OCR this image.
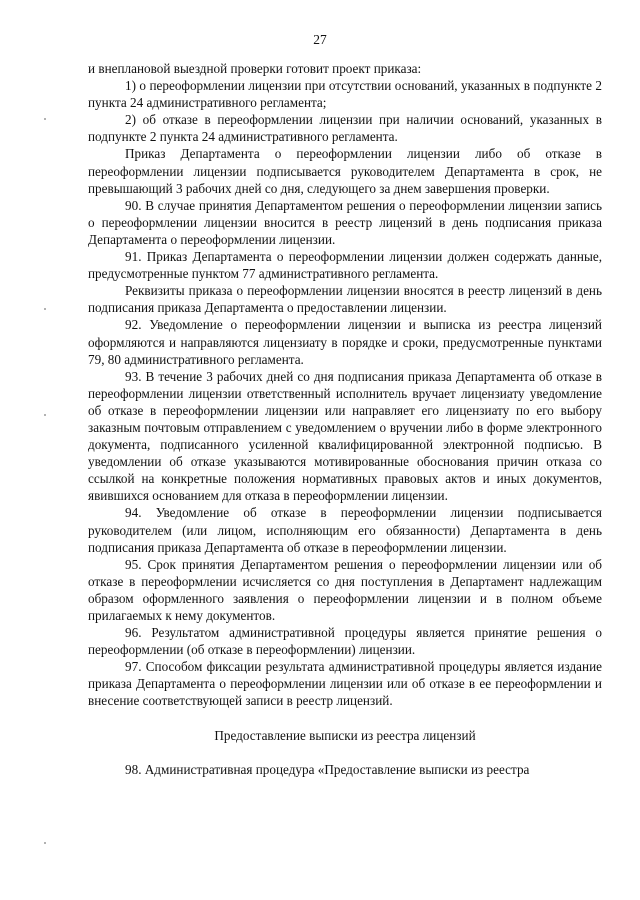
27

и внеплановой выездной проверки готовит проект приказа:

1) о переоформлении лицензии при отсутствии оснований, указанных в подпункте 2 пункта 24 административного регламента;

2) об отказе в переоформлении лицензии при наличии оснований, указанных в подпункте 2 пункта 24 административного регламента.

Приказ Департамента о переоформлении лицензии либо об отказе в переоформлении лицензии подписывается руководителем Департамента в срок, не превышающий 3 рабочих дней со дня, следующего за днем завершения проверки.

90. В случае принятия Департаментом решения о переоформлении лицензии запись о переоформлении лицензии вносится в реестр лицензий в день подписания приказа Департамента о переоформлении лицензии.

91. Приказ Департамента о переоформлении лицензии должен содержать данные, предусмотренные пунктом 77 административного регламента.

Реквизиты приказа о переоформлении лицензии вносятся в реестр лицензий в день подписания приказа Департамента о предоставлении лицензии.

92. Уведомление о переоформлении лицензии и выписка из реестра лицензий оформляются и направляются лицензиату в порядке и сроки, предусмотренные пунктами 79, 80 административного регламента.

93. В течение 3 рабочих дней со дня подписания приказа Департамента об отказе в переоформлении лицензии ответственный исполнитель вручает лицензиату уведомление об отказе в переоформлении лицензии или направляет его лицензиату по его выбору заказным почтовым отправлением с уведомлением о вручении либо в форме электронного документа, подписанного усиленной квалифицированной электронной подписью. В уведомлении об отказе указываются мотивированные обоснования причин отказа со ссылкой на конкретные положения нормативных правовых актов и иных документов, явившихся основанием для отказа в переоформлении лицензии.

94. Уведомление об отказе в переоформлении лицензии подписывается руководителем (или лицом, исполняющим его обязанности) Департамента в день подписания приказа Департамента об отказе в переоформлении лицензии.

95. Срок принятия Департаментом решения о переоформлении лицензии или об отказе в переоформлении исчисляется со дня поступления в Департамент надлежащим образом оформленного заявления о переоформлении лицензии и в полном объеме прилагаемых к нему документов.

96. Результатом административной процедуры является принятие решения о переоформлении (об отказе в переоформлении) лицензии.

97. Способом фиксации результата административной процедуры является издание приказа Департамента о переоформлении лицензии или об отказе в ее переоформлении и внесение соответствующей записи в реестр лицензий.

Предоставление выписки из реестра лицензий

98. Административная процедура «Предоставление выписки из реестра
